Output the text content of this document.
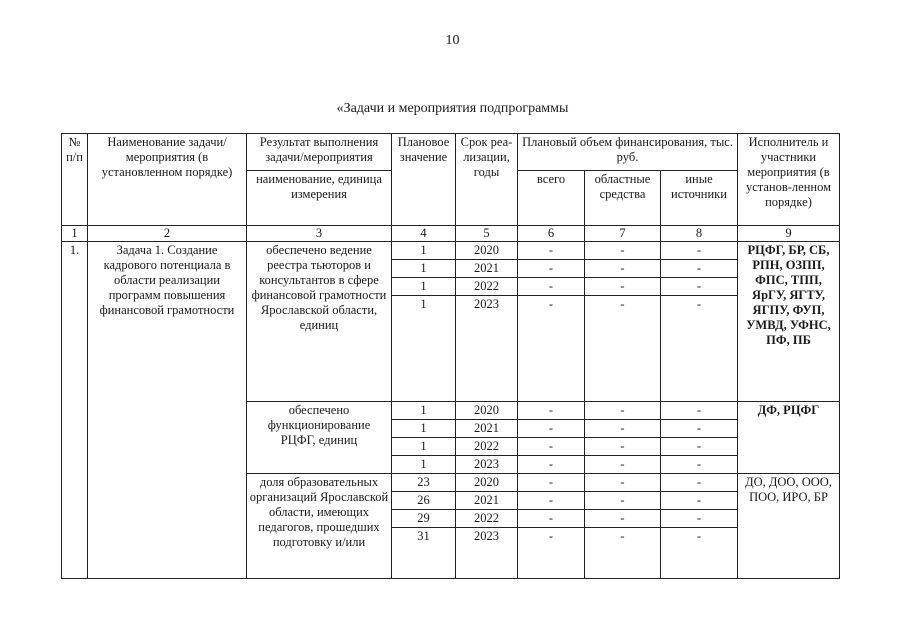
10
«Задачи и мероприятия подпрограммы
№ п/п	Наименование задачи/мероприятия (в установленном порядке)	Результат выполнения задачи/мероприятия	Плановое значение	Срок реа-лизации, годы	Плановый объем финансирования, тыс. руб.			Исполнитель и участники мероприятия (в установ-ленном порядке)
		наименование, единица измерения			всего	областные средства	иные источники	
1	2	3	4	5	6	7	8	9
1.	Задача 1. Создание кадрового потенциала в области реализации программ повышения финансовой грамотности	обеспечено ведение реестра тьюторов и консультантов в сфере финансовой грамотности Ярославской области, единиц	1	2020	-	-	-	РЦФГ, БР, СБ, РПН, ОЗПП, ФПС, ТПП, ЯрГУ, ЯГТУ, ЯГПУ, ФУП, УМВД, УФНС, ПФ, ПБ
			1	2021	-	-	-	
			1	2022	-	-	-	
			1	2023	-	-	-	
		обеспечено функционирование РЦФГ, единиц	1	2020	-	-	-	ДФ, РЦФГ
			1	2021	-	-	-	
			1	2022	-	-	-	
			1	2023	-	-	-	
		доля образовательных организаций Ярославской области, имеющих педагогов, прошедших подготовку и/или	23	2020	-	-	-	ДО, ДОО, ООО, ПОО, ИРО, БР
			26	2021	-	-	-	
			29	2022	-	-	-	
			31	2023	-	-	-	
